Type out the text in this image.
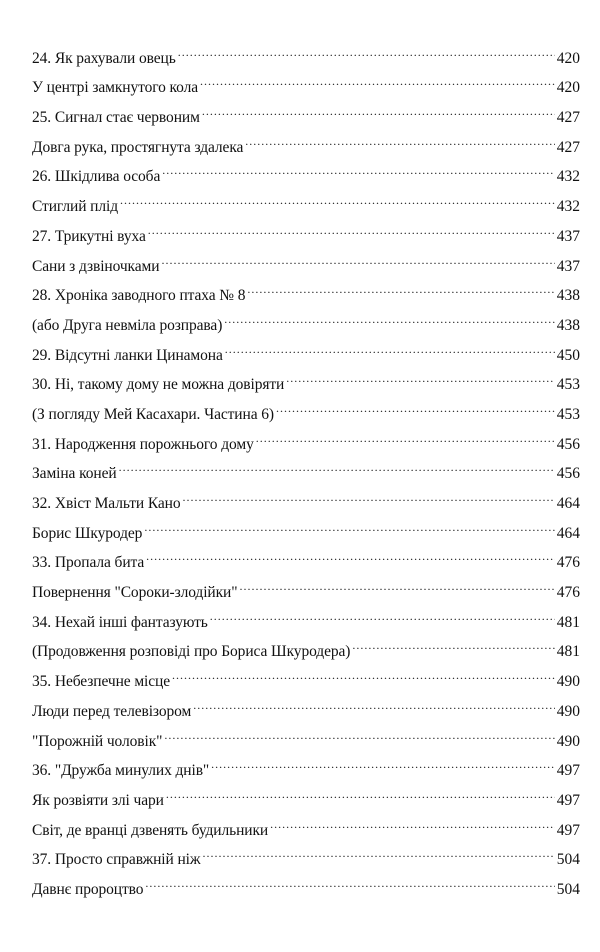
24. Як рахували овець .....	420
У центрі замкнутого кола .....	420
25. Сигнал стає червоним .....	427
Довга рука, простягнута здалека .....	427
26. Шкідлива особа .....	432
Стиглий плід .....	432
27. Трикутні вуха .....	437
Сани з дзвіночками .....	437
28. Хроніка заводного птаха № 8 .....	438
(або Друга невміла розправа) .....	438
29. Відсутні ланки Цинамона .....	450
30. Ні, такому дому не можна довіряти .....	453
(З погляду Мей Касахари. Частина 6) .....	453
31. Народження порожнього дому .....	456
Заміна коней .....	456
32. Хвіст Мальти Кано .....	464
Борис Шкуродер .....	464
33. Пропала бита .....	476
Повернення "Сороки-злодійки" .....	476
34. Нехай інші фантазують .....	481
(Продовження розповіді про Бориса Шкуродера) .....	481
35. Небезпечне місце .....	490
Люди перед телевізором .....	490
"Порожній чоловік" .....	490
36. "Дружба минулих днів" .....	497
Як розвіяти злі чари .....	497
Світ, де вранці дзвенять будильники .....	497
37. Просто справжній ніж .....	504
Давнє пророцтво .....	504
